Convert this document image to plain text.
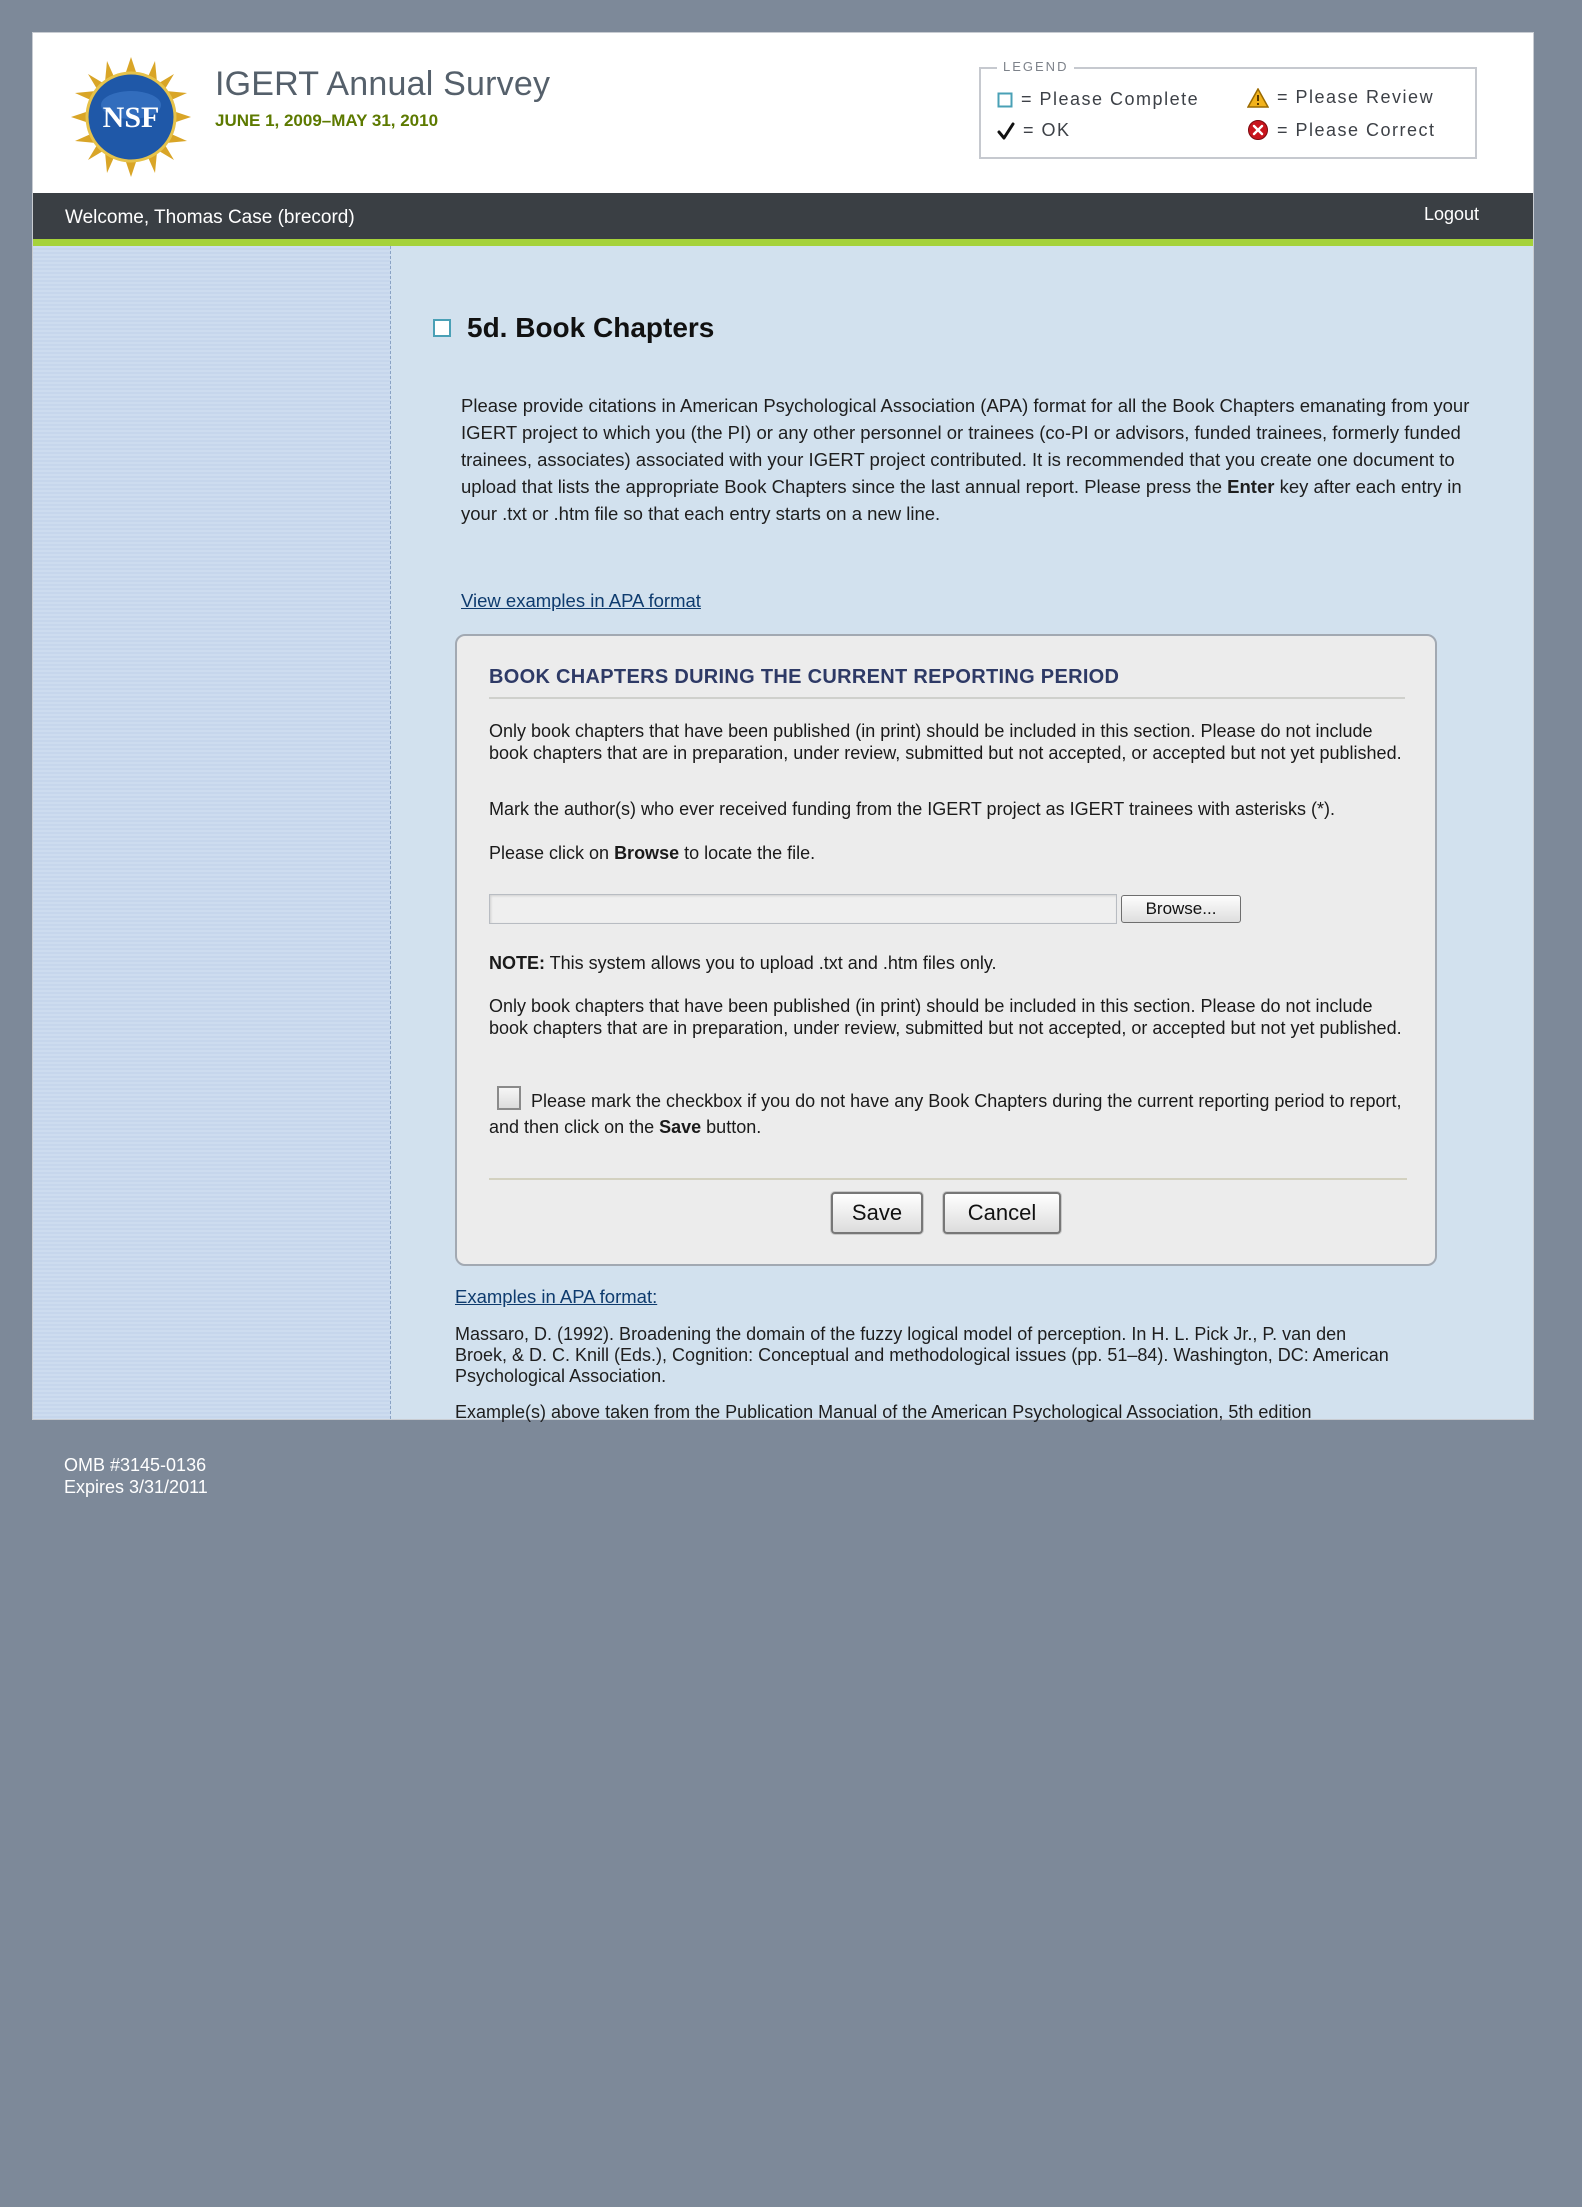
NSF
IGERT Annual Survey
JUNE 1, 2009–MAY 31, 2010
LEGEND
= Please Complete	= Please Review
= OK	= Please Correct
Welcome, Thomas Case (brecord)	Logout
5d. Book Chapters
Please provide citations in American Psychological Association (APA) format for all the Book Chapters emanating from your IGERT project to which you (the PI) or any other personnel or trainees (co-PI or advisors, funded trainees, formerly funded trainees, associates) associated with your IGERT project contributed. It is recommended that you create one document to upload that lists the appropriate Book Chapters since the last annual report. Please press the Enter key after each entry in your .txt or .htm file so that each entry starts on a new line.
View examples in APA format
BOOK CHAPTERS DURING THE CURRENT REPORTING PERIOD

Only book chapters that have been published (in print) should be included in this section. Please do not include book chapters that are in preparation, under review, submitted but not accepted, or accepted but not yet published.

Mark the author(s) who ever received funding from the IGERT project as IGERT trainees with asterisks (*).

Please click on Browse to locate the file.

Browse...

NOTE: This system allows you to upload .txt and .htm files only.

Only book chapters that have been published (in print) should be included in this section. Please do not include book chapters that are in preparation, under review, submitted but not accepted, or accepted but not yet published.

Please mark the checkbox if you do not have any Book Chapters during the current reporting period to report, and then click on the Save button.
Save	Cancel
Examples in APA format:
Massaro, D. (1992). Broadening the domain of the fuzzy logical model of perception. In H. L. Pick Jr., P. van den Broek, & D. C. Knill (Eds.), Cognition: Conceptual and methodological issues (pp. 51–84). Washington, DC: American Psychological Association.
Example(s) above taken from the Publication Manual of the American Psychological Association, 5th edition
OMB #3145-0136
Expires 3/31/2011
